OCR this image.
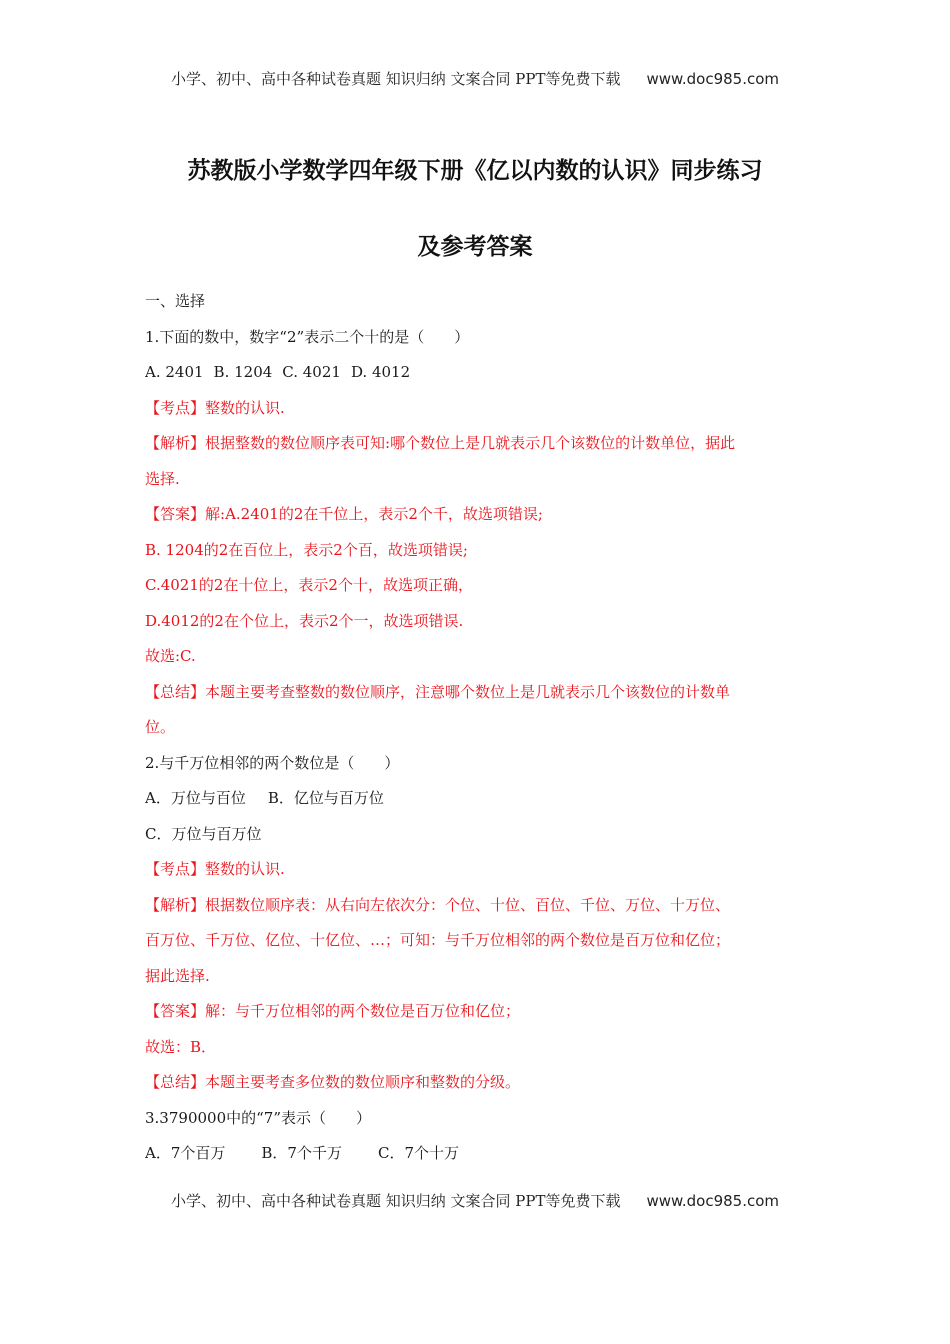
小学、初中、高中各种试卷真题 知识归纳 文案合同 PPT等免费下载 www.doc985.com
苏教版小学数学四年级下册《亿以内数的认识》同步练习
及参考答案
一、选择
1.下面的数中，数字“2”表示二个十的是（　　）
A. 2401 B. 1204 C. 4021 D. 4012
【考点】整数的认识.
【解析】根据整数的数位顺序表可知:哪个数位上是几就表示几个该数位的计数单位，据此
选择.
【答案】解:A.2401的2在千位上，表示2个千，故选项错误;
B. 1204的2在百位上，表示2个百，故选项错误;
C.4021的2在十位上，表示2个十，故选项正确，
D.4012的2在个位上，表示2个一，故选项错误.
故选:C.
【总结】本题主要考查整数的数位顺序，注意哪个数位上是几就表示几个该数位的计数单
位。
2.与千万位相邻的两个数位是（　　）
A．万位与百位 B．亿位与百万位
C．万位与百万位
【考点】整数的认识.
【解析】根据数位顺序表：从右向左依次分：个位、十位、百位、千位、万位、十万位、
百万位、千万位、亿位、十亿位、…；可知：与千万位相邻的两个数位是百万位和亿位；
据此选择.
【答案】解：与千万位相邻的两个数位是百万位和亿位；
故选：B．
【总结】本题主要考查多位数的数位顺序和整数的分级。
3.3790000中的“7”表示（　　）
A．7个百万 B．7个千万 C．7个十万
小学、初中、高中各种试卷真题 知识归纳 文案合同 PPT等免费下载 www.doc985.com
